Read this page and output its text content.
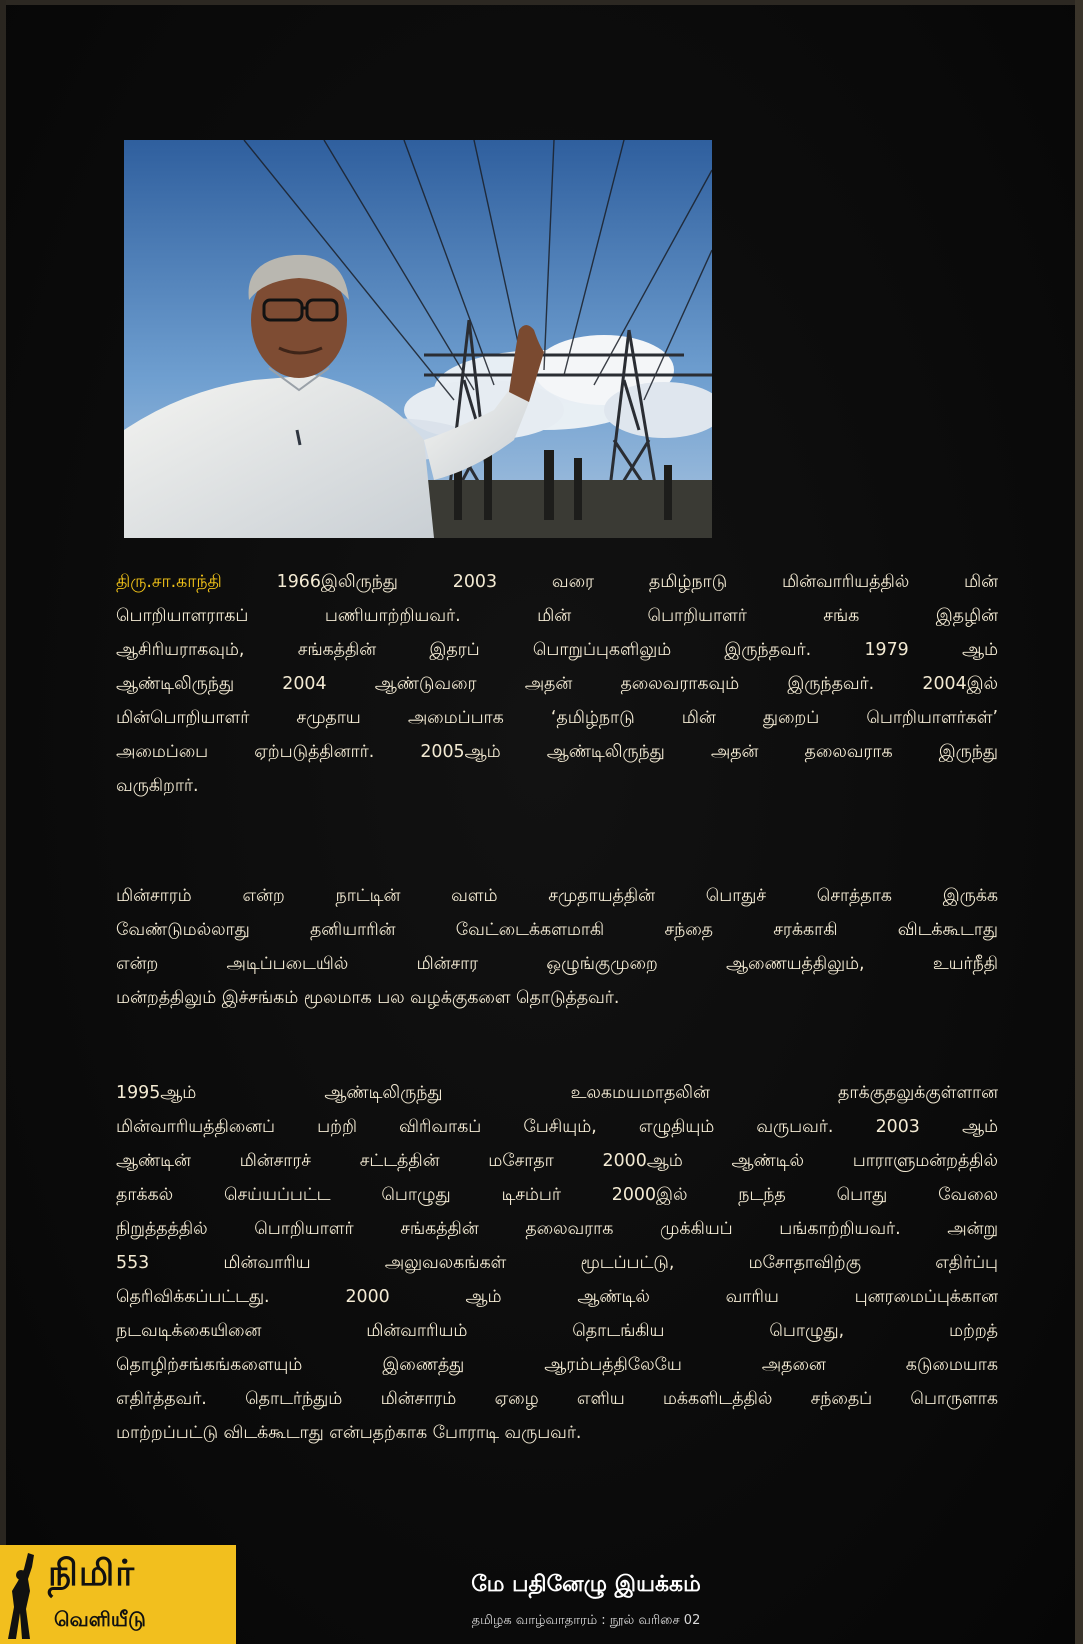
திரு.சா.காந்தி 1966இலிருந்து 2003 வரை தமிழ்நாடு மின்வாரியத்தில் மின்
பொறியாளராகப் பணியாற்றியவர். மின் பொறியாளர் சங்க இதழின்
ஆசிரியராகவும், சங்கத்தின் இதரப் பொறுப்புகளிலும் இருந்தவர். 1979 ஆம்
ஆண்டிலிருந்து 2004 ஆண்டுவரை அதன் தலைவராகவும் இருந்தவர். 2004இல்
மின்பொறியாளர் சமுதாய அமைப்பாக ‘தமிழ்நாடு மின் துறைப் பொறியாளர்கள்’
அமைப்பை ஏற்படுத்தினார். 2005ஆம் ஆண்டிலிருந்து அதன் தலைவராக இருந்து
வருகிறார்.
மின்சாரம் என்ற நாட்டின் வளம் சமுதாயத்தின் பொதுச் சொத்தாக இருக்க
வேண்டுமல்லாது தனியாரின் வேட்டைக்களமாகி சந்தை சரக்காகி விடக்கூடாது
என்ற அடிப்படையில் மின்சார ஒழுங்குமுறை ஆணையத்திலும், உயர்நீதி
மன்றத்திலும் இச்சங்கம் மூலமாக பல வழக்குகளை தொடுத்தவர்.
1995ஆம் ஆண்டிலிருந்து உலகமயமாதலின் தாக்குதலுக்குள்ளான
மின்வாரியத்தினைப் பற்றி விரிவாகப் பேசியும், எழுதியும் வருபவர். 2003 ஆம்
ஆண்டின் மின்சாரச் சட்டத்தின் மசோதா 2000ஆம் ஆண்டில் பாராளுமன்றத்தில்
தாக்கல் செய்யப்பட்ட பொழுது டிசம்பர் 2000இல் நடந்த பொது வேலை
நிறுத்தத்தில் பொறியாளர் சங்கத்தின் தலைவராக முக்கியப் பங்காற்றியவர். அன்று
553 மின்வாரிய அலுவலகங்கள் மூடப்பட்டு, மசோதாவிற்கு எதிர்ப்பு
தெரிவிக்கப்பட்டது. 2000 ஆம் ஆண்டில் வாரிய புனரமைப்புக்கான
நடவடிக்கையினை மின்வாரியம் தொடங்கிய பொழுது, மற்றத்
தொழிற்சங்கங்களையும் இணைத்து ஆரம்பத்திலேயே அதனை கடுமையாக
எதிர்த்தவர். தொடர்ந்தும் மின்சாரம் ஏழை எளிய மக்களிடத்தில் சந்தைப் பொருளாக
மாற்றப்பட்டு விடக்கூடாது என்பதற்காக போராடி வருபவர்.
நிமிர்
வெளியீடு
மே பதினேழு இயக்கம்
தமிழக வாழ்வாதாரம் : நூல் வரிசை 02
